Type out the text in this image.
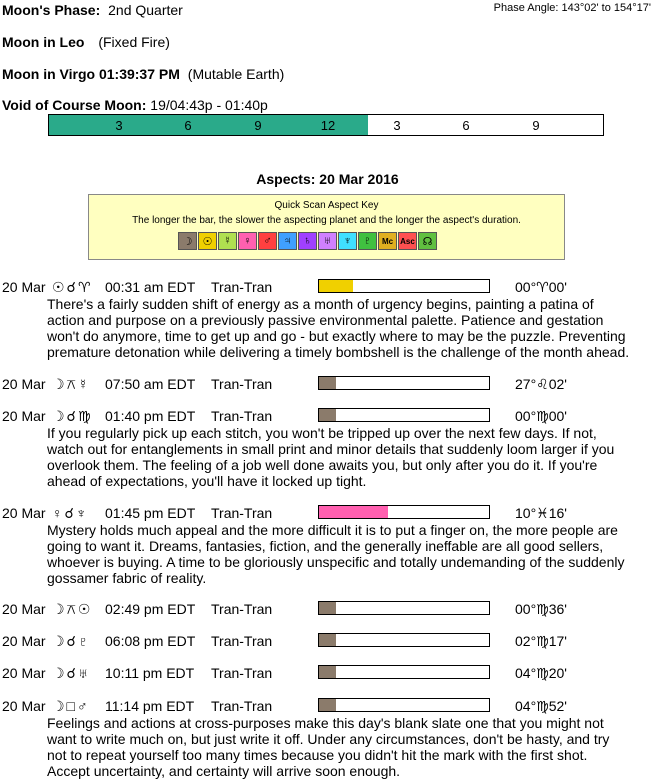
Moon's Phase: 2nd Quarter	Phase Angle: 143°02' to 154°17'
Moon in Leo (Fixed Fire)
Moon in Virgo 01:39:37 PM (Mutable Earth)
Void of Course Moon: 19/04:43p - 01:40p
3	6	9	12	3	6	9
Aspects: 20 Mar 2016
Quick Scan Aspect Key
The longer the bar, the slower the aspecting planet and the longer the aspect's duration.
☽ ☉ ☿	♀	♂	♃	♄	♅	♆	♇	Mc Asc ☊
20 Mar ☉☌♈ 00:31 am EDT Tran-Tran	00°♈00'
There's a fairly sudden shift of energy as a month of urgency begins, painting a patina of
action and purpose on a previously passive environmental palette. Patience and gestation
won't do anymore, time to get up and go - but exactly where to may be the puzzle. Preventing
premature detonation while delivering a timely bombshell is the challenge of the month ahead.
20 Mar ☽⚻☿ 07:50 am EDT Tran-Tran	27°♌02'
20 Mar ☽☌♍ 01:40 pm EDT Tran-Tran	00°♍00'
If you regularly pick up each stitch, you won't be tripped up over the next few days. If not,
watch out for entanglements in small print and minor details that suddenly loom larger if you
overlook them. The feeling of a job well done awaits you, but only after you do it. If you're
ahead of expectations, you'll have it locked up tight.
20 Mar ♀☌♆ 01:45 pm EDT Tran-Tran	10°♓16'
Mystery holds much appeal and the more difficult it is to put a finger on, the more people are
going to want it. Dreams, fantasies, fiction, and the generally ineffable are all good sellers,
whoever is buying. A time to be gloriously unspecific and totally undemanding of the suddenly
gossamer fabric of reality.
20 Mar ☽⚻☉ 02:49 pm EDT Tran-Tran	00°♍36'
20 Mar ☽☌♇ 06:08 pm EDT Tran-Tran	02°♍17'
20 Mar ☽☌♅ 10:11 pm EDT Tran-Tran	04°♍20'
20 Mar ☽□♂ 11:14 pm EDT Tran-Tran	04°♍52'
Feelings and actions at cross-purposes make this day's blank slate one that you might not
want to write much on, but just write it off. Under any circumstances, don't be hasty, and try
not to repeat yourself too many times because you didn't hit the mark with the first shot.
Accept uncertainty, and certainty will arrive soon enough.
